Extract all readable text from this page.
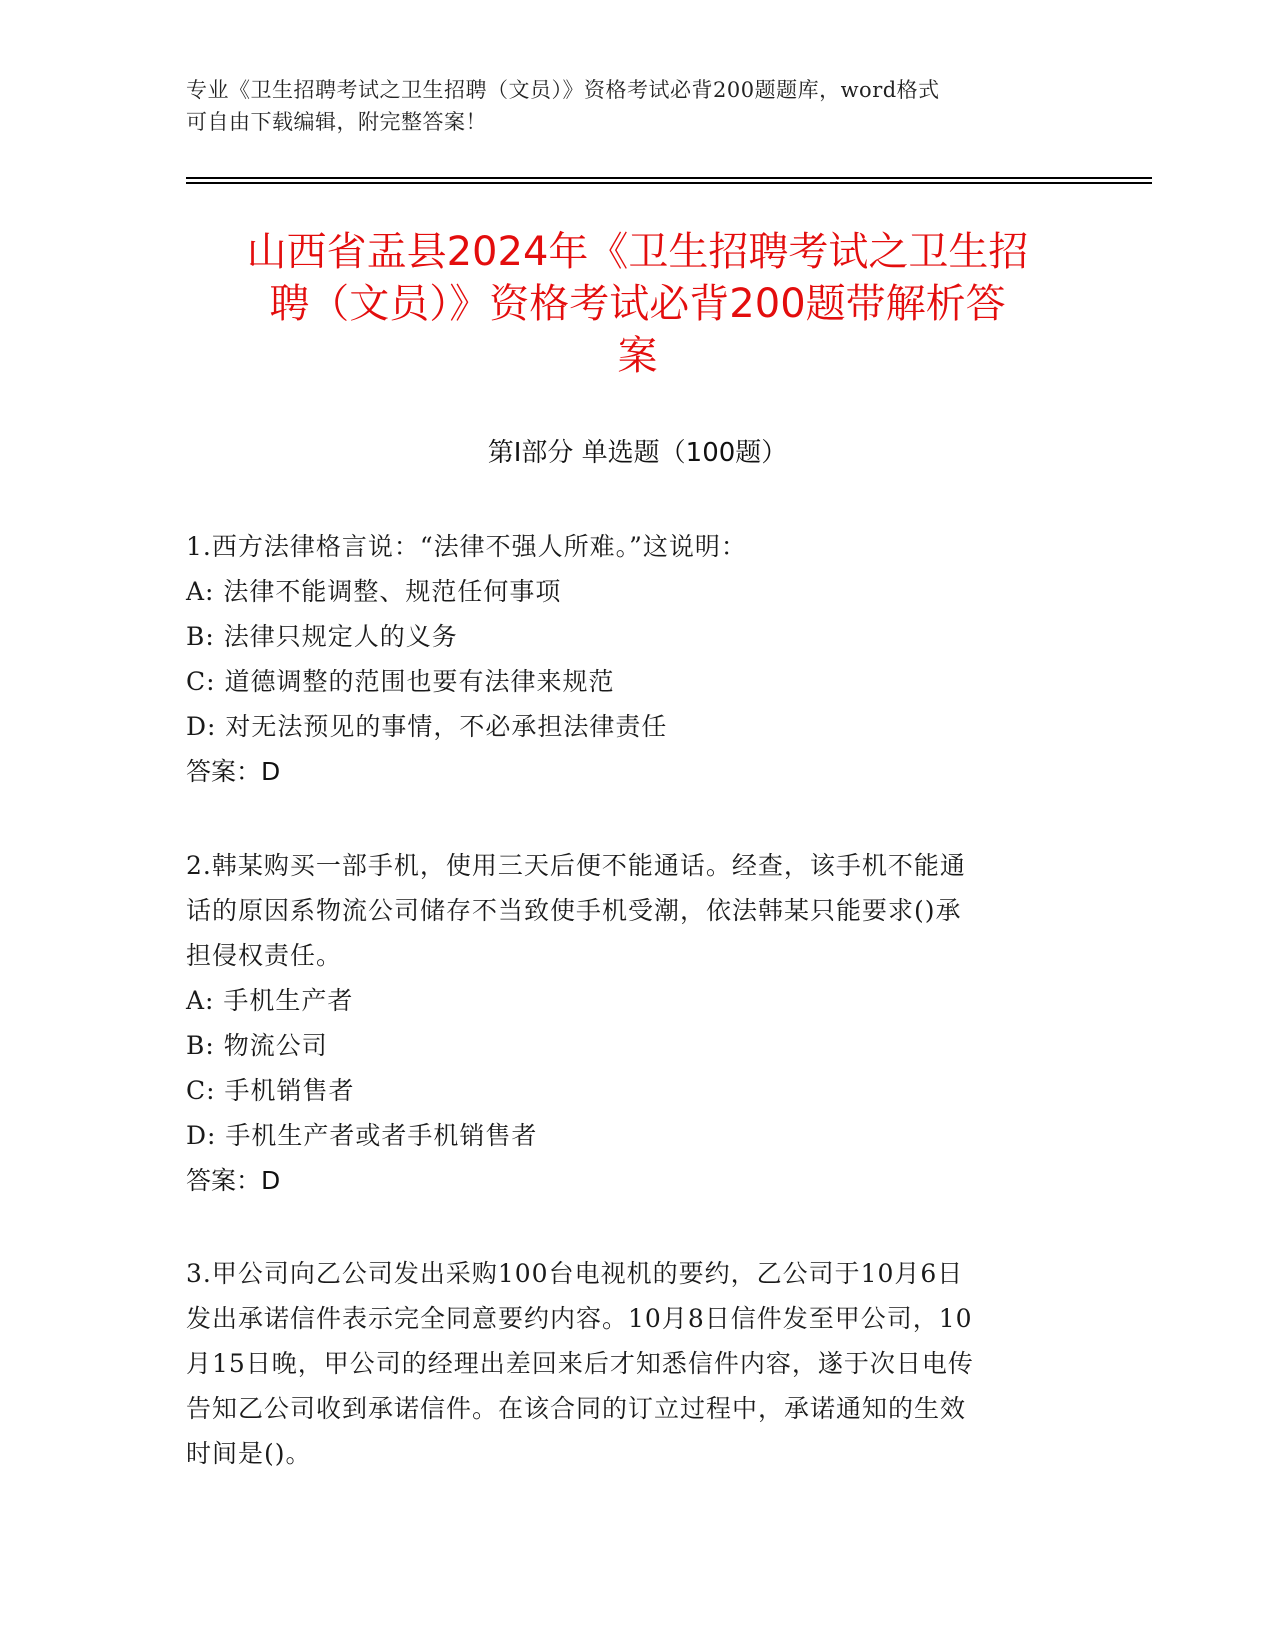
专业《卫生招聘考试之卫生招聘（文员）》资格考试必背200题题库，word格式
可自由下载编辑，附完整答案！
山西省盂县2024年《卫生招聘考试之卫生招
聘（文员）》资格考试必背200题带解析答
案
第Ⅰ部分 单选题（100题）
1.西方法律格言说：“法律不强人所难。”这说明：
A: 法律不能调整、规范任何事项
B: 法律只规定人的义务
C: 道德调整的范围也要有法律来规范
D: 对无法预见的事情，不必承担法律责任
答案：D
2.韩某购买一部手机，使用三天后便不能通话。经查，该手机不能通
话的原因系物流公司储存不当致使手机受潮，依法韩某只能要求()承
担侵权责任。
A: 手机生产者
B: 物流公司
C: 手机销售者
D: 手机生产者或者手机销售者
答案：D
3.甲公司向乙公司发出采购100台电视机的要约，乙公司于10月6日
发出承诺信件表示完全同意要约内容。10月8日信件发至甲公司，10
月15日晚，甲公司的经理出差回来后才知悉信件内容，遂于次日电传
告知乙公司收到承诺信件。在该合同的订立过程中，承诺通知的生效
时间是()。
